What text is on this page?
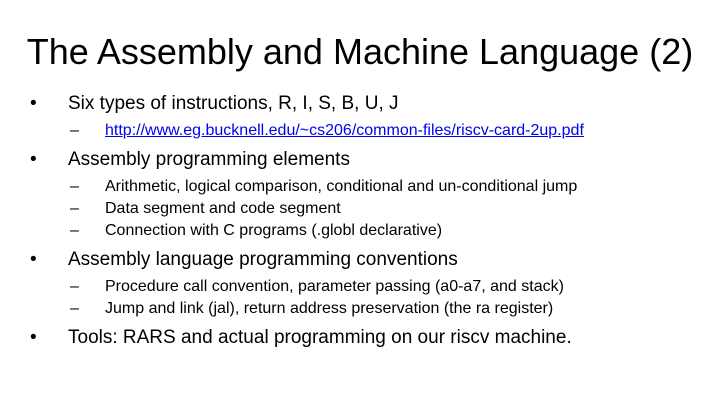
The Assembly and Machine Language (2)
•	Six types of instructions, R, I, S, B, U, J
– http://www.eg.bucknell.edu/~cs206/common-files/riscv-card-2up.pdf
•	Assembly programming elements
– Arithmetic, logical comparison, conditional and un-conditional jump
– Data segment and code segment
– Connection with C programs (.globl declarative)
•	Assembly language programming conventions
– Procedure call convention, parameter passing (a0-a7, and stack)
– Jump and link (jal), return address preservation (the ra register)
•	Tools: RARS and actual programming on our riscv machine.
